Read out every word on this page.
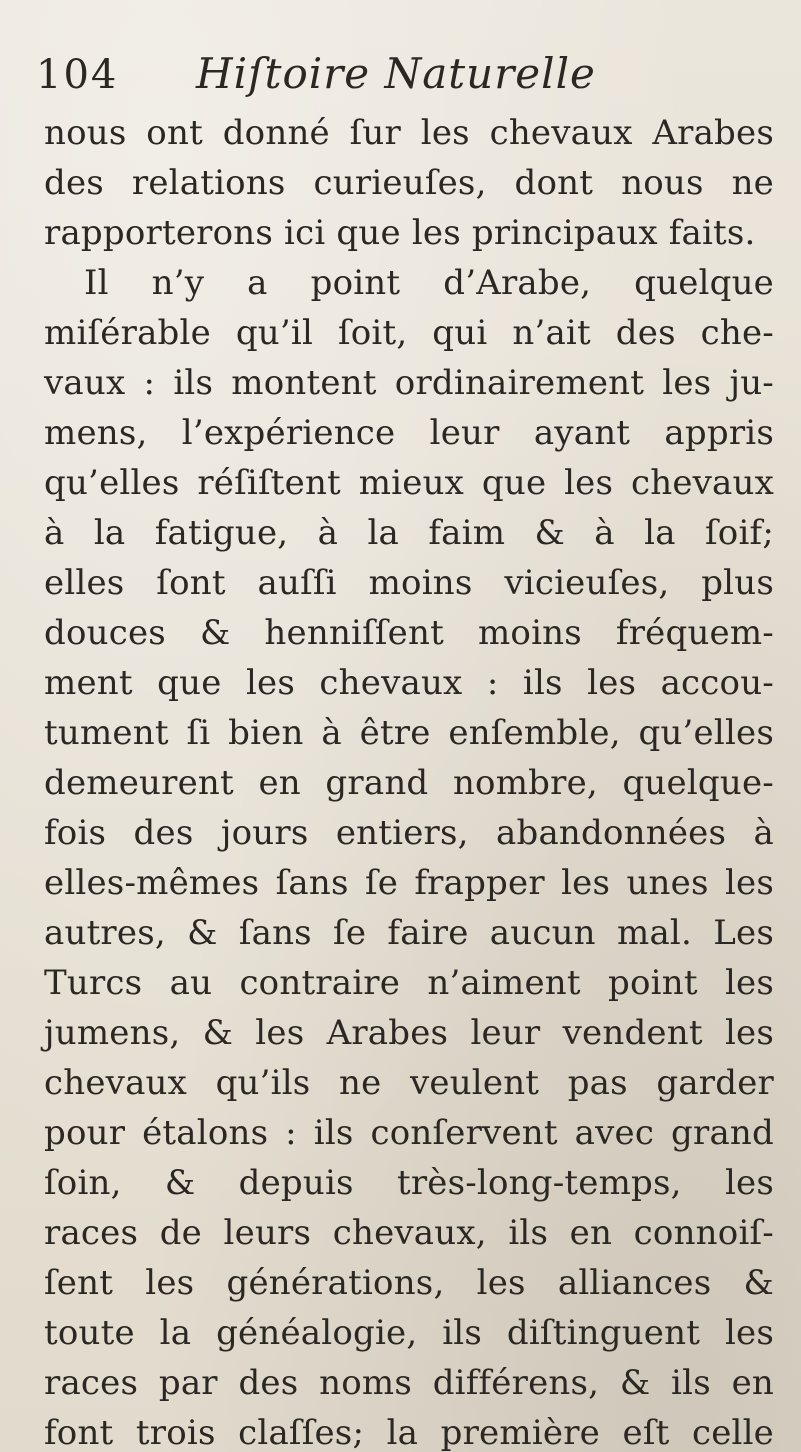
104	Hiſtoire Naturelle
nous ont donné ſur les chevaux Arabes
des relations curieuſes, dont nous ne
rapporterons ici que les principaux faits.
Il n’y a point d’Arabe, quelque
miſérable qu’il ſoit, qui n’ait des che-
vaux : ils montent ordinairement les ju-
mens, l’expérience leur ayant appris
qu’elles réſiſtent mieux que les chevaux
à la fatigue, à la faim & à la ſoif;
elles ſont auſſi moins vicieuſes, plus
douces & henniſſent moins fréquem-
ment que les chevaux : ils les accou-
tument ſi bien à être enſemble, qu’elles
demeurent en grand nombre, quelque-
fois des jours entiers, abandonnées à
elles-mêmes ſans ſe frapper les unes les
autres, & ſans ſe faire aucun mal. Les
Turcs au contraire n’aiment point les
jumens, & les Arabes leur vendent les
chevaux qu’ils ne veulent pas garder
pour étalons : ils conſervent avec grand
ſoin, & depuis très-long-temps, les
races de leurs chevaux, ils en connoiſ-
ſent les générations, les alliances &
toute la généalogie, ils diſtinguent les
races par des noms différens, & ils en
font trois claſſes; la première eſt celle
